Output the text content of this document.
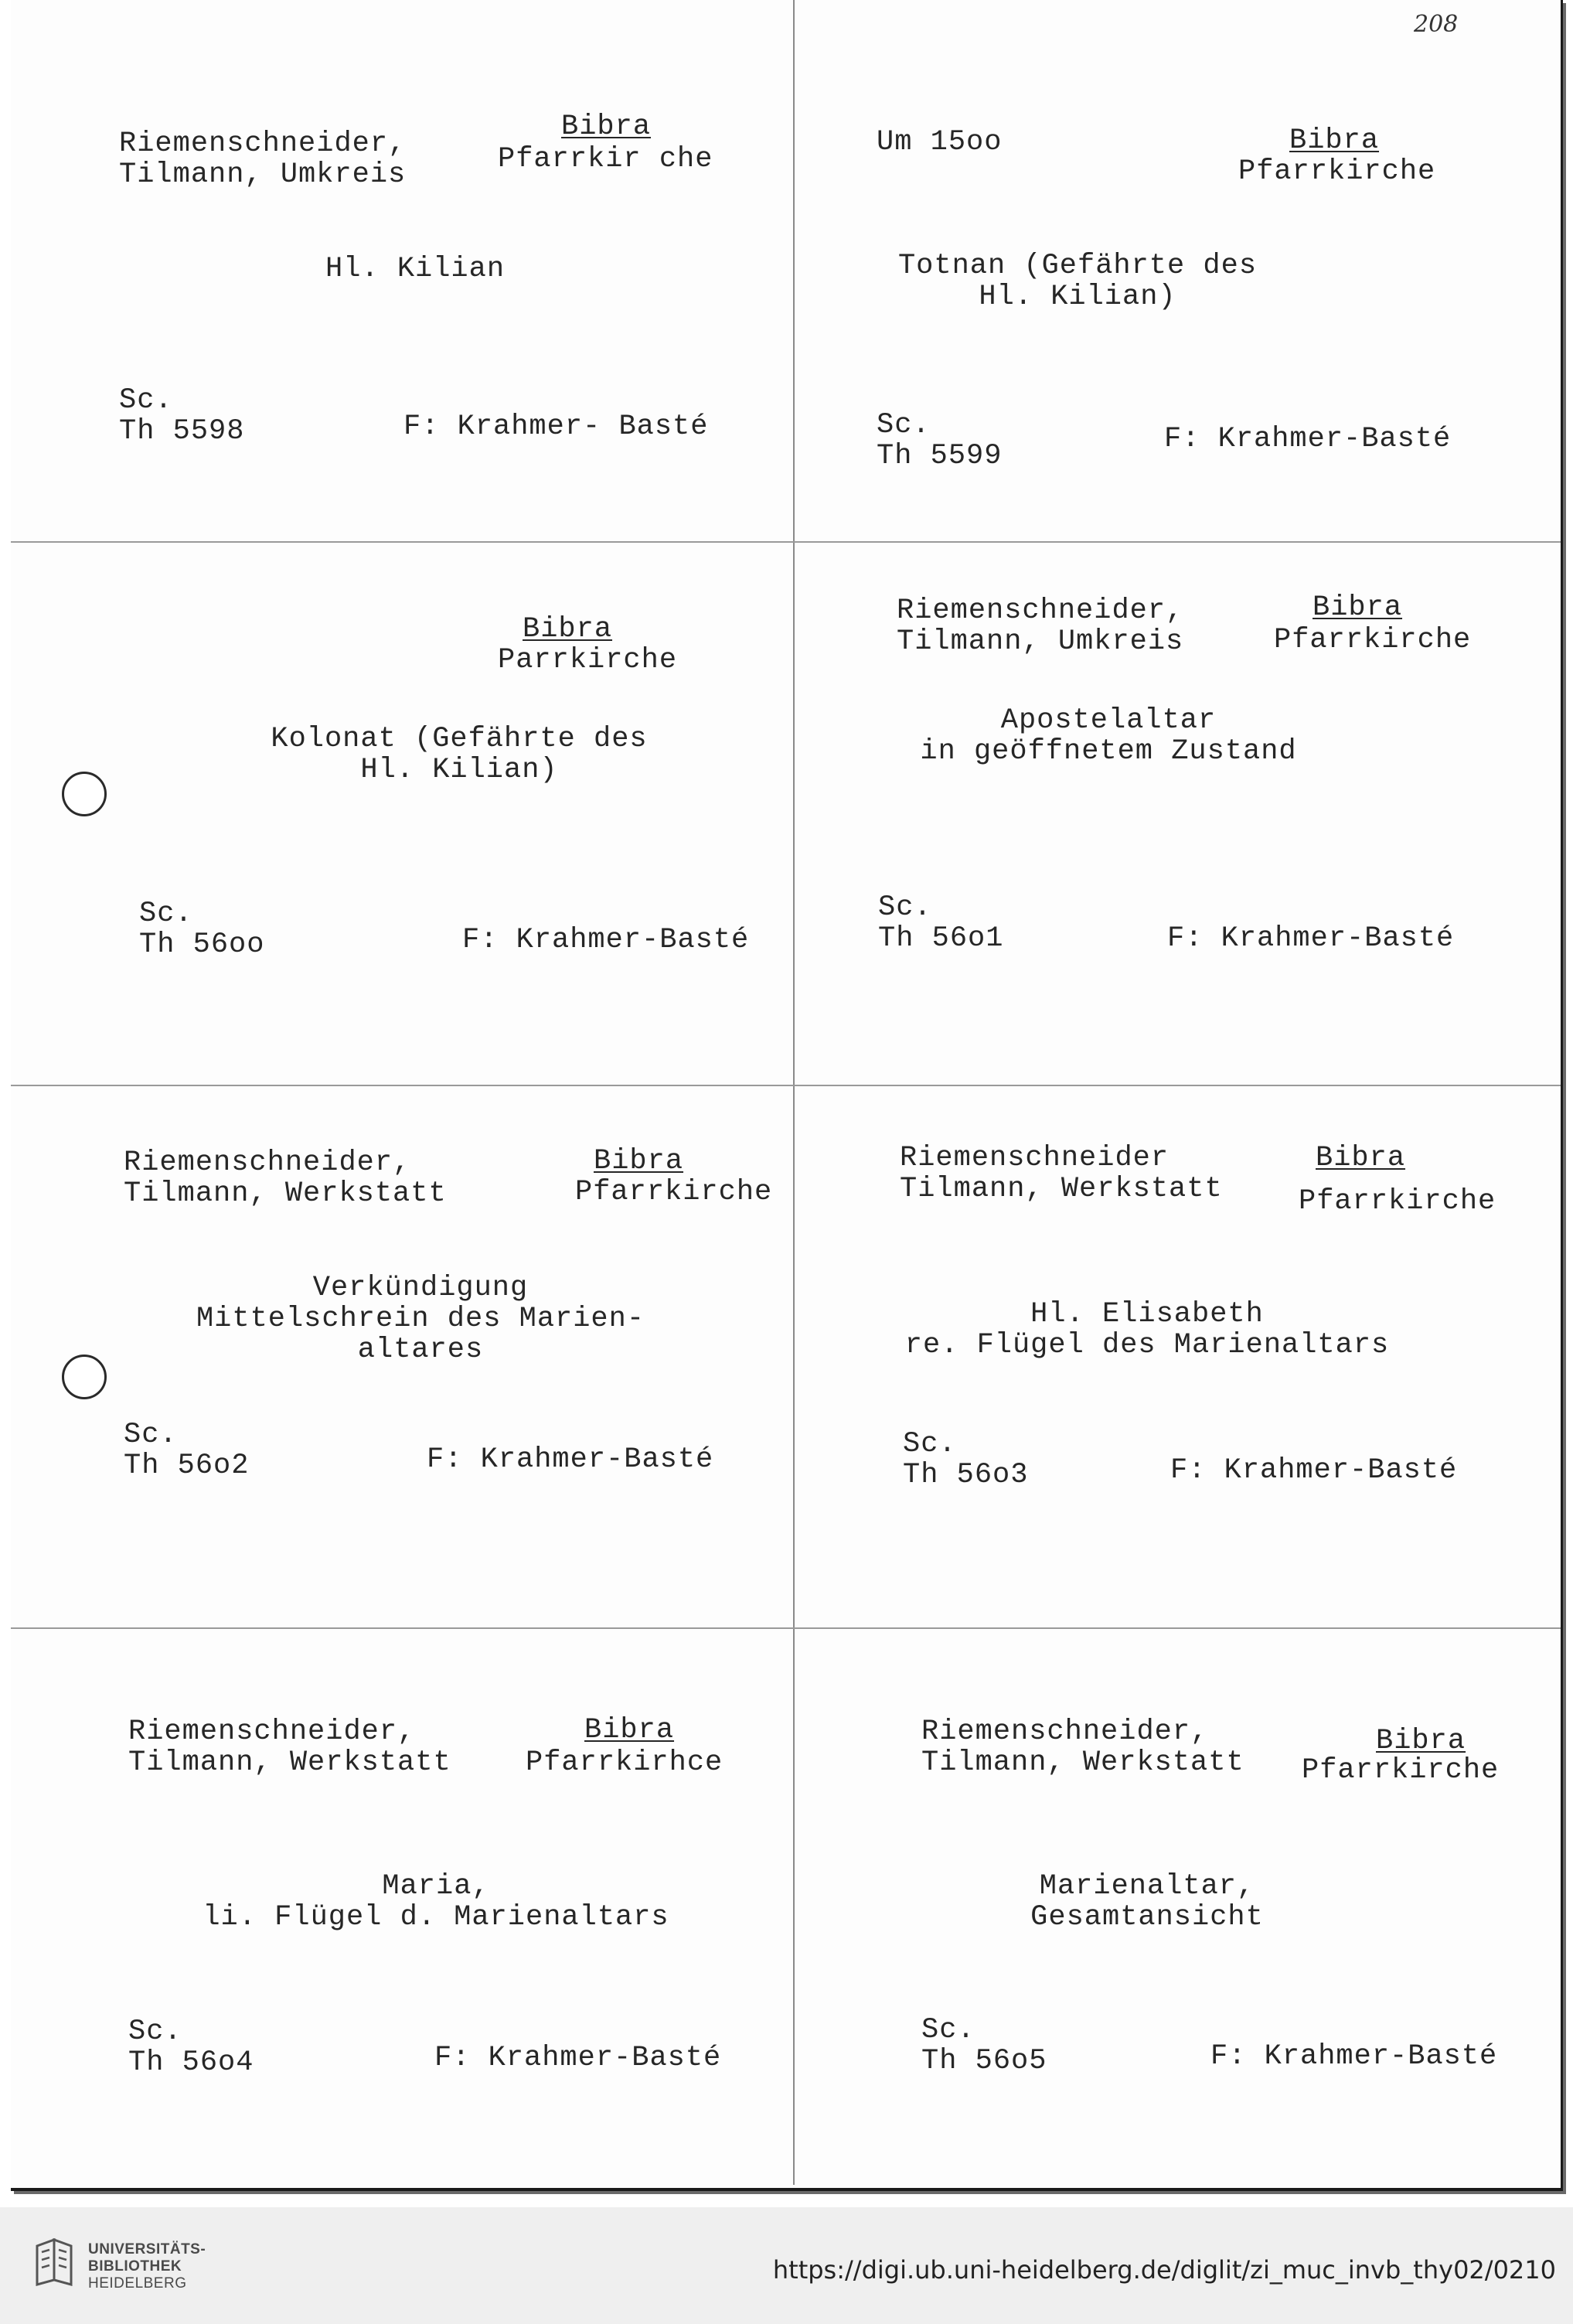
208
Riemenschneider,
Tilmann, Umkreis
Bibra
Pfarrkir che
Hl. Kilian
Sc.
Th 5598	F: Krahmer- Basté
Um 15oo	Bibra
Pfarrkirche
Totnan (Gefährte des
Hl. Kilian)
Sc.
Th 5599
F: Krahmer-Basté
Bibra
Parrkirche
Kolonat (Gefährte des
Hl. Kilian)
Sc.
Th 56oo	F: Krahmer-Basté
Riemenschneider,
Tilmann, Umkreis
Bibra
Pfarrkirche
Apostelaltar
in geöffnetem Zustand
Sc.
Th 56o1	F: Krahmer-Basté
Riemenschneider,
Tilmann, Werkstatt
Bibra
Pfarrkirche
Verkündigung
Mittelschrein des Marien-
altares
Sc.
Th 56o2	F: Krahmer-Basté
Riemenschneider
Tilmann, Werkstatt
Bibra
Pfarrkirche
Hl. Elisabeth
re. Flügel des Marienaltars
Sc.
Th 56o3	F: Krahmer-Basté
Riemenschneider,
Tilmann, Werkstatt
Bibra
Pfarrkirhce
Maria,
li. Flügel d. Marienaltars
Sc.
Th 56o4	F: Krahmer-Basté
Riemenschneider,
Tilmann, Werkstatt
Bibra
Pfarrkirche
Marienaltar,
Gesamtansicht
Sc.
Th 56o5	F: Krahmer-Basté
UNIVERSITÄTS-
BIBLIOTHEK
HEIDELBERG	https://digi.ub.uni-heidelberg.de/diglit/zi_muc_invb_thy02/0210
